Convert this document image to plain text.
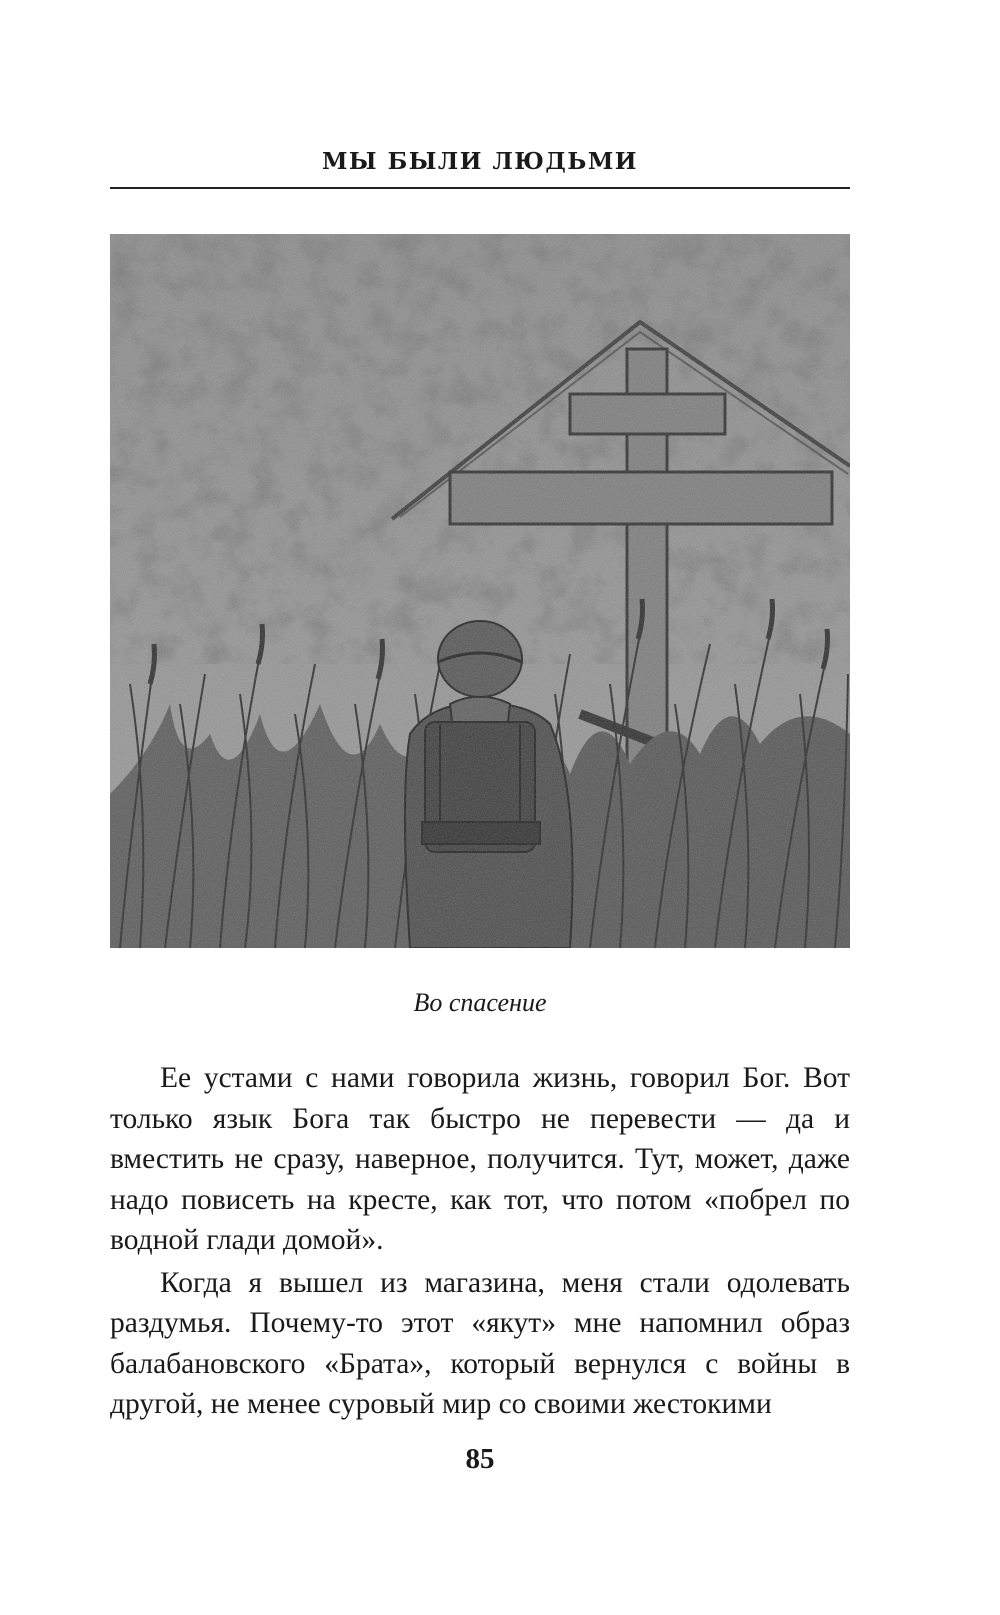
МЫ БЫЛИ ЛЮДЬМИ

Во спасение

Ее устами с нами говорила жизнь, говорил Бог. Вот только язык Бога так быстро не перевести — да и вместить не сразу, наверное, получится. Тут, может, даже надо повисеть на кресте, как тот, что потом «побрел по водной глади домой».

Когда я вышел из магазина, меня стали одолевать раздумья. Почему-то этот «якут» мне напомнил образ балабановского «Брата», который вернулся с войны в другой, не менее суровый мир со своими жестокими

85
